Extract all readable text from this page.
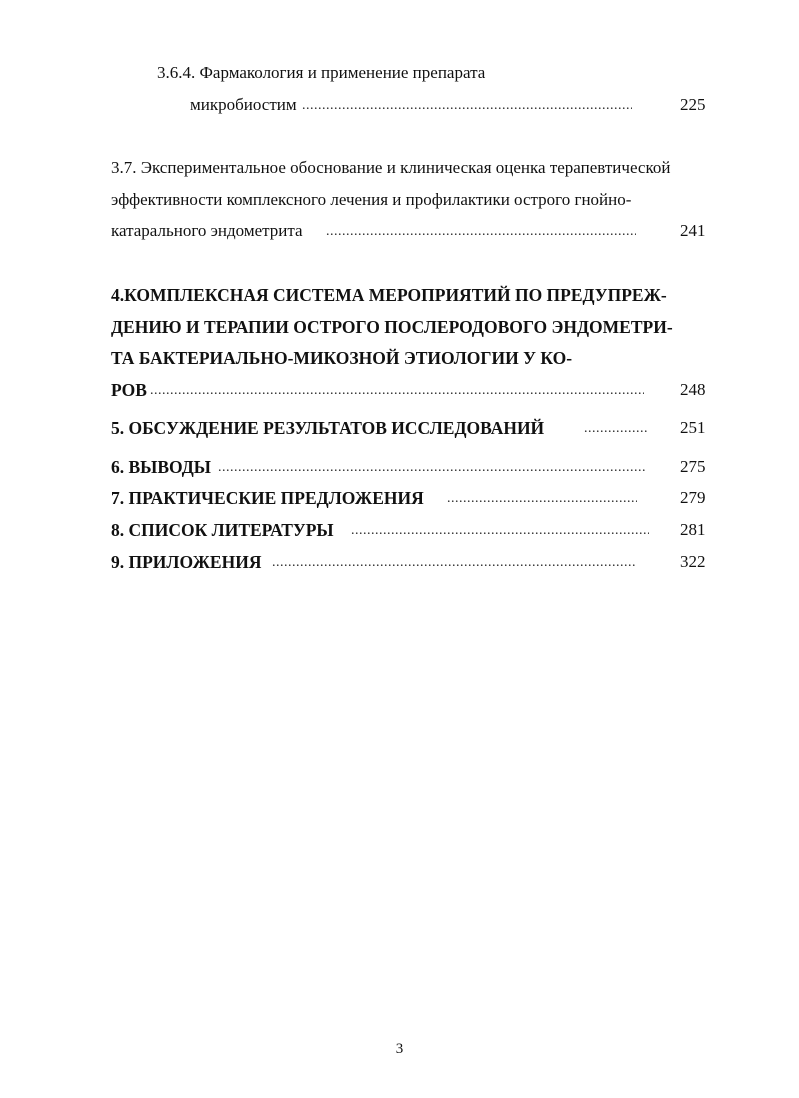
3.6.4. Фармакология и применение препарата
микробиостим .....	225
3.7. Экспериментальное обоснование и клиническая оценка терапевтической
эффективности комплексного лечения и профилактики острого гнойно-
катарального эндометрита .....	241
4.КОМПЛЕКСНАЯ СИСТЕМА МЕРОПРИЯТИЙ ПО ПРЕДУПРЕЖ-
ДЕНИЮ И ТЕРАПИИ ОСТРОГО ПОСЛЕРОДОВОГО ЭНДОМЕТРИ-
ТА БАКТЕРИАЛЬНО-МИКОЗНОЙ ЭТИОЛОГИИ У КО-
РОВ .....	248
5. ОБСУЖДЕНИЕ РЕЗУЛЬТАТОВ ИССЛЕДОВАНИЙ .....	251
6. ВЫВОДЫ .....	275
7. ПРАКТИЧЕСКИЕ ПРЕДЛОЖЕНИЯ .....	279
8. СПИСОК ЛИТЕРАТУРЫ .....	281
9. ПРИЛОЖЕНИЯ .....	322
3
